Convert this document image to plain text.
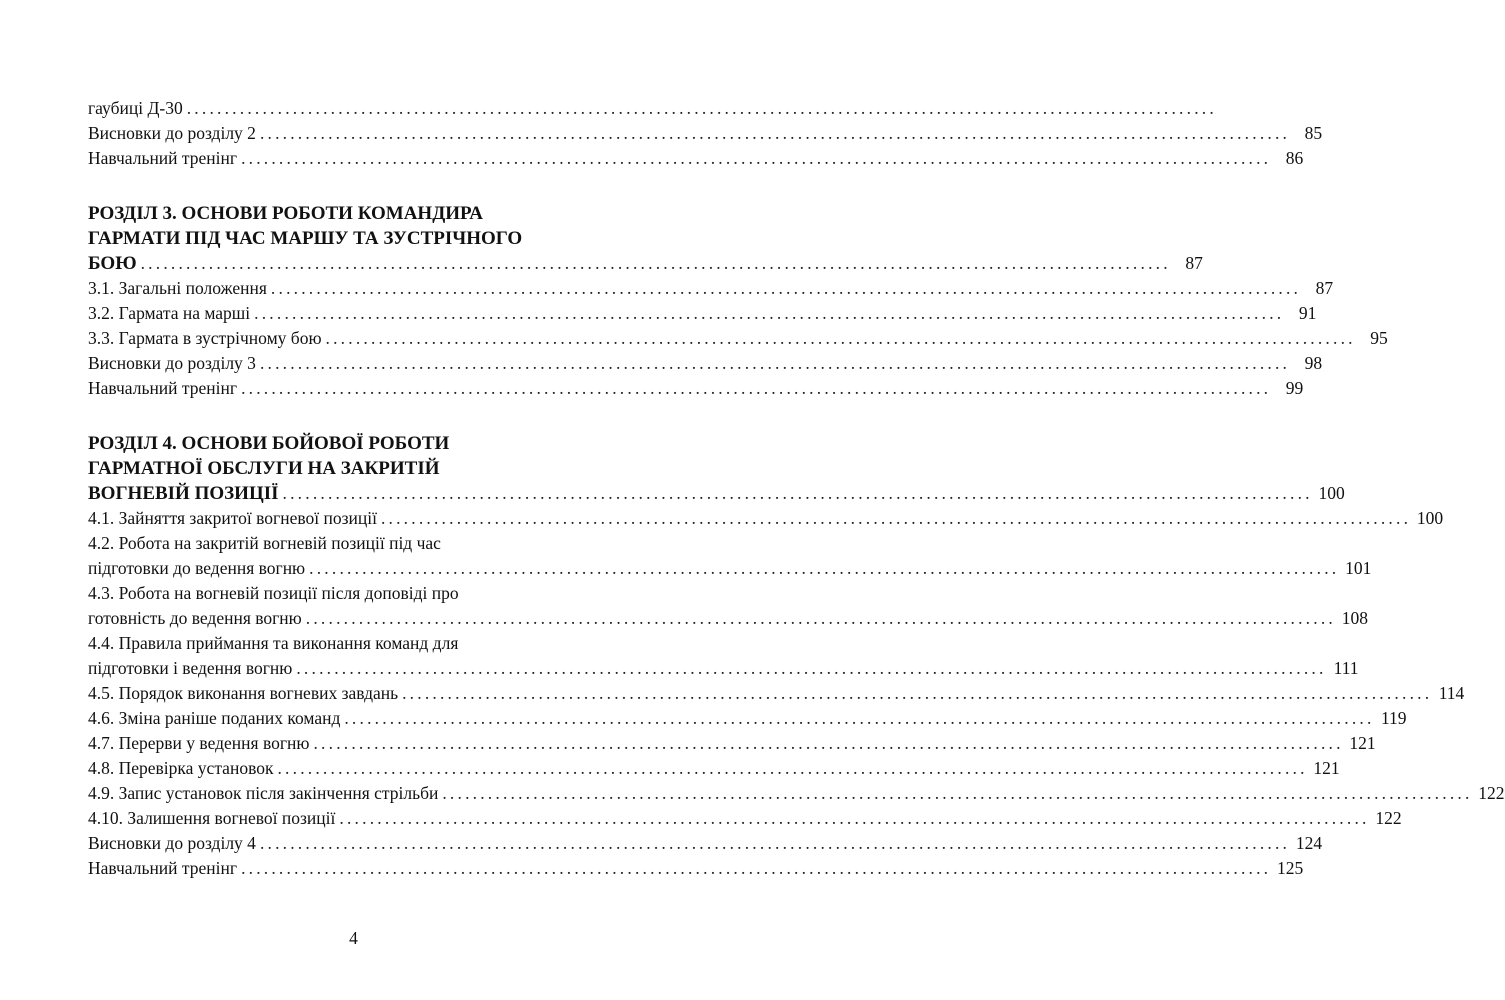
гаубиці Д-30 ........................................................................................................................................
Висновки до розділу 2 ........................................................................................................................................ 85
Навчальний тренінг ........................................................................................................................................ 86
РОЗДІЛ 3. ОСНОВИ РОБОТИ КОМАНДИРА
ГАРМАТИ ПІД ЧАС МАРШУ ТА ЗУСТРІЧНОГО
БОЮ ........................................................................................................................................ 87
3.1. Загальні положення ........................................................................................................................................ 87
3.2. Гармата на марші ........................................................................................................................................ 91
3.3. Гармата в зустрічному бою ........................................................................................................................................ 95
Висновки до розділу 3 ........................................................................................................................................ 98
Навчальний тренінг ........................................................................................................................................ 99
РОЗДІЛ 4. ОСНОВИ БОЙОВОЇ РОБОТИ
ГАРМАТНОЇ ОБСЛУГИ НА ЗАКРИТІЙ
ВОГНЕВІЙ ПОЗИЦІЇ ........................................................................................................................................ 100
4.1. Зайняття закритої вогневої позиції ........................................................................................................................................ 100
4.2. Робота на закритій вогневій позиції під час
підготовки до ведення вогню ........................................................................................................................................ 101
4.3. Робота на вогневій позиції після доповіді про
готовність до ведення вогню ........................................................................................................................................ 108
4.4. Правила приймання та виконання команд для
підготовки і ведення вогню ........................................................................................................................................ 111
4.5. Порядок виконання вогневих завдань ........................................................................................................................................ 114
4.6. Зміна раніше поданих команд ........................................................................................................................................ 119
4.7. Перерви у ведення вогню ........................................................................................................................................ 121
4.8. Перевірка установок ........................................................................................................................................ 121
4.9. Запис установок після закінчення стрільби ........................................................................................................................................ 122
4.10. Залишення вогневої позиції ........................................................................................................................................ 122
Висновки до розділу 4 ........................................................................................................................................ 124
Навчальний тренінг ........................................................................................................................................ 125
4
